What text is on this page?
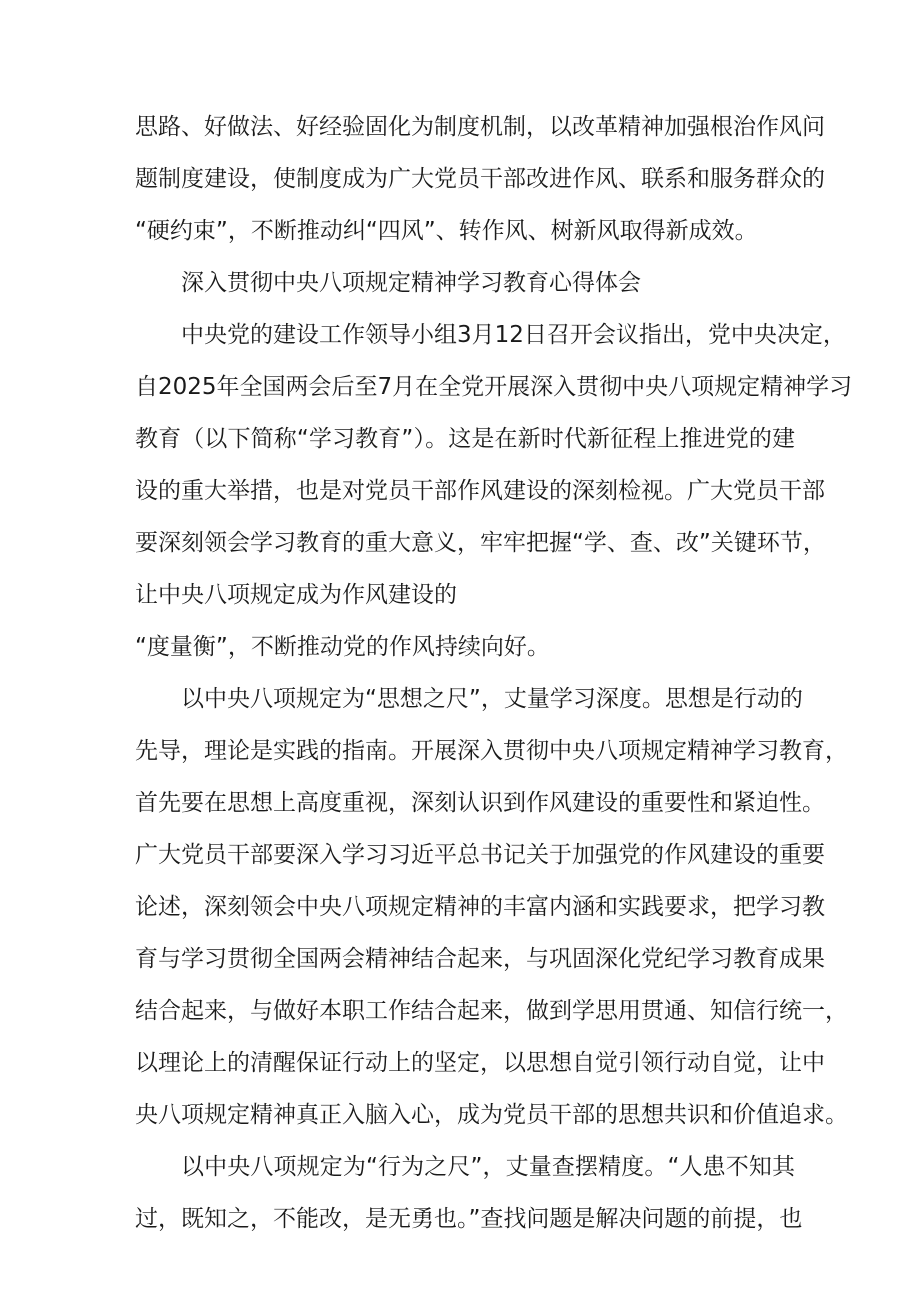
思路、好做法、好经验固化为制度机制，以改革精神加强根治作风问
题制度建设，使制度成为广大党员干部改进作风、联系和服务群众的
“硬约束”，不断推动纠“四风”、转作风、树新风取得新成效。
深入贯彻中央八项规定精神学习教育心得体会
中央党的建设工作领导小组3月12日召开会议指出，党中央决定，
自2025年全国两会后至7月在全党开展深入贯彻中央八项规定精神学习
教育（以下简称“学习教育”）。这是在新时代新征程上推进党的建
设的重大举措，也是对党员干部作风建设的深刻检视。广大党员干部
要深刻领会学习教育的重大意义，牢牢把握“学、查、改”关键环节，
让中央八项规定成为作风建设的
“度量衡”，不断推动党的作风持续向好。
以中央八项规定为“思想之尺”，丈量学习深度。思想是行动的
先导，理论是实践的指南。开展深入贯彻中央八项规定精神学习教育，
首先要在思想上高度重视，深刻认识到作风建设的重要性和紧迫性。
广大党员干部要深入学习习近平总书记关于加强党的作风建设的重要
论述，深刻领会中央八项规定精神的丰富内涵和实践要求，把学习教
育与学习贯彻全国两会精神结合起来，与巩固深化党纪学习教育成果
结合起来，与做好本职工作结合起来，做到学思用贯通、知信行统一，
以理论上的清醒保证行动上的坚定，以思想自觉引领行动自觉，让中
央八项规定精神真正入脑入心，成为党员干部的思想共识和价值追求。
以中央八项规定为“行为之尺”，丈量查摆精度。“人患不知其
过，既知之，不能改，是无勇也。”查找问题是解决问题的前提，也
